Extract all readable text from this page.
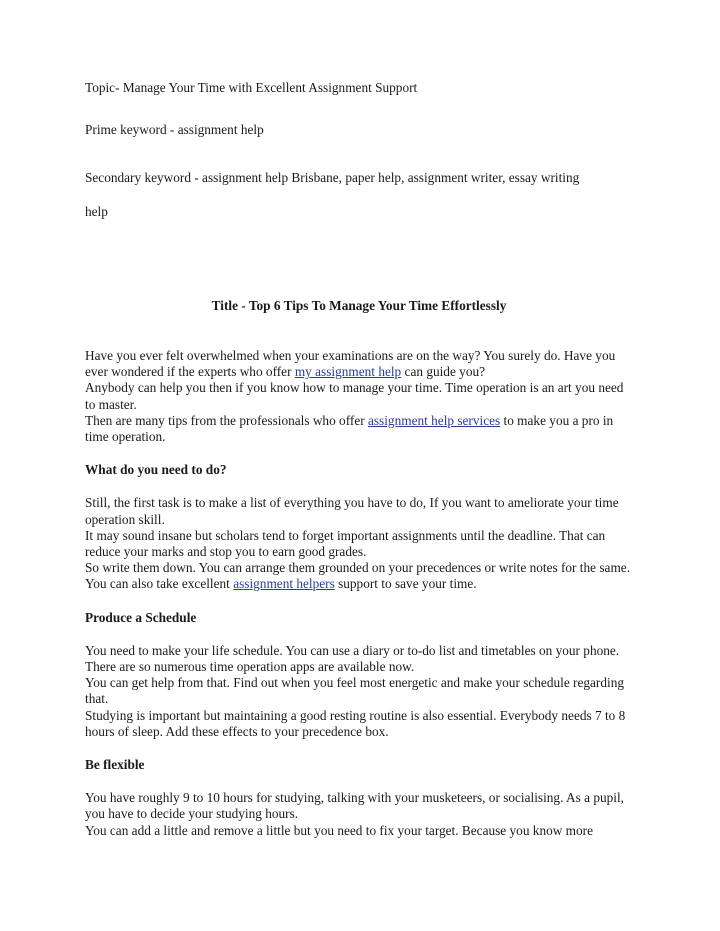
Topic- Manage Your Time with Excellent Assignment Support

Prime keyword - assignment help

Secondary keyword - assignment help Brisbane, paper help, assignment writer, essay writing

help

Title - Top 6 Tips To Manage Your Time Effortlessly

Have you ever felt overwhelmed when your examinations are on the way? You surely do. Have you ever wondered if the experts who offer my assignment help can guide you?

Anybody can help you then if you know how to manage your time. Time operation is an art you need to master.

Then are many tips from the professionals who offer assignment help services to make you a pro in time operation.

What do you need to do?

Still, the first task is to make a list of everything you have to do, If you want to ameliorate your time operation skill.

It may sound insane but scholars tend to forget important assignments until the deadline. That can reduce your marks and stop you to earn good grades.

So write them down. You can arrange them grounded on your precedences or write notes for the same. You can also take excellent assignment helpers support to save your time.

Produce a Schedule

You need to make your life schedule. You can use a diary or to-do list and timetables on your phone. There are so numerous time operation apps are available now.

You can get help from that. Find out when you feel most energetic and make your schedule regarding that.

Studying is important but maintaining a good resting routine is also essential. Everybody needs 7 to 8 hours of sleep. Add these effects to your precedence box.

Be flexible

You have roughly 9 to 10 hours for studying, talking with your musketeers, or socialising. As a pupil, you have to decide your studying hours.

You can add a little and remove a little but you need to fix your target. Because you know more
